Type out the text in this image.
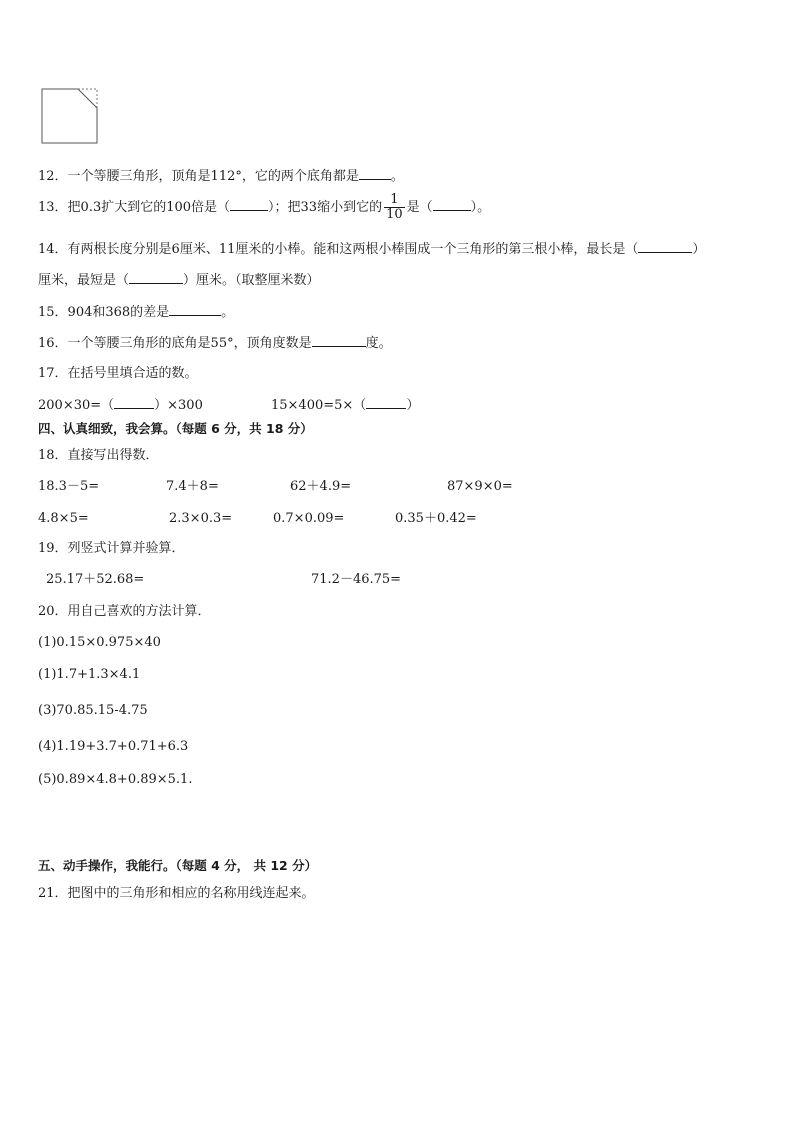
12．一个等腰三角形，顶角是112°，它的两个底角都是 。
13．把0.3扩大到它的100倍是（	）；把33缩小到它的 $\frac{1}{10}$ 是（	）。
14．有两根长度分别是6厘米、11厘米的小棒。能和这两根小棒围成一个三角形的第三根小棒，最长是（	）
厘米，最短是（	）厘米。（取整厘米数）
15．904和368的差是	。
16．一个等腰三角形的底角是55°，顶角度数是	度。
17．在括号里填合适的数。
200×30=（	）×300	15×400=5×（	）
四、认真细致，我会算。（每题 6 分，共 18 分）
18．直接写出得数．
18.3－5=	7.4＋8=	62＋4.9=	87×9×0=
4.8×5=	2.3×0.3=	0.7×0.09=	0.35＋0.42=
19．列竖式计算并验算．
25.17＋52.68=	71.2－46.75=
20．用自己喜欢的方法计算．
(1)0.15×0.975×40
(1)1.7+1.3×4.1
(3)70.85.15-4.75
(4)1.19+3.7+0.71+6.3
(5)0.89×4.8+0.89×5.1.
五、动手操作，我能行。（每题 4 分， 共 12 分）
21．把图中的三角形和相应的名称用线连起来。
